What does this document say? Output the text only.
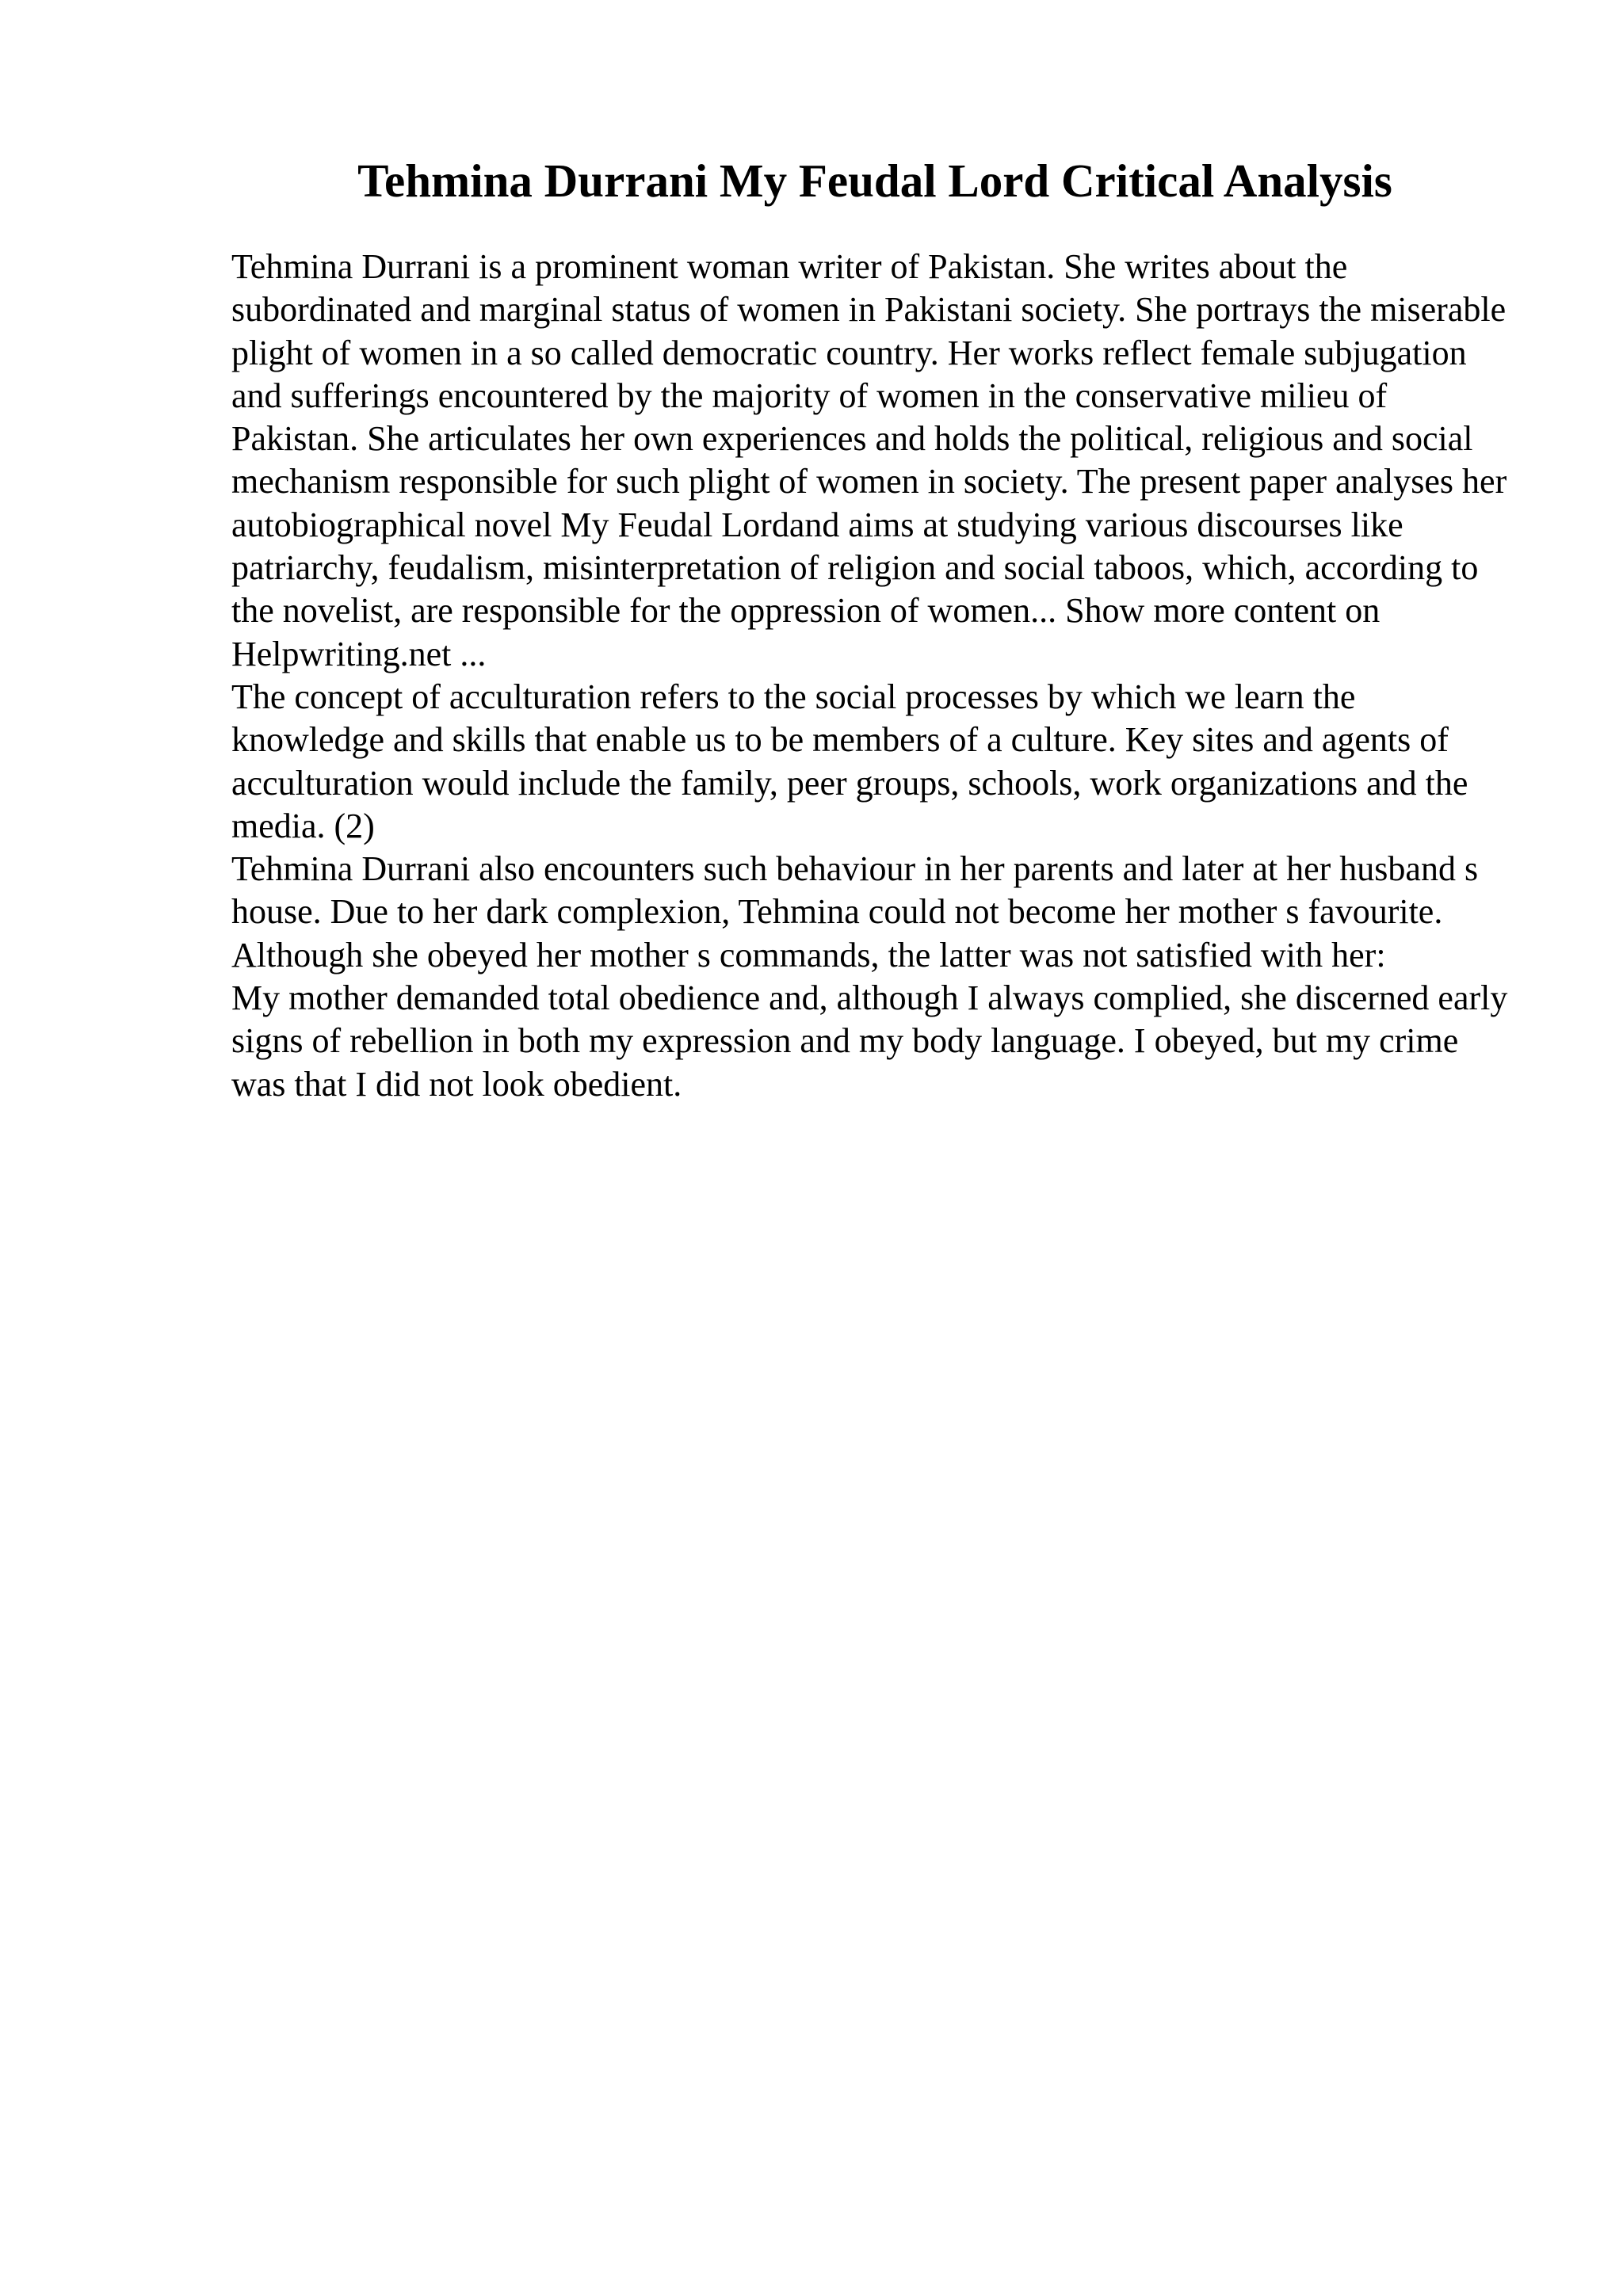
Tehmina Durrani My Feudal Lord Critical Analysis

Tehmina Durrani is a prominent woman writer of Pakistan. She writes about the subordinated and marginal status of women in Pakistani society. She portrays the miserable plight of women in a so called democratic country. Her works reflect female subjugation and sufferings encountered by the majority of women in the conservative milieu of Pakistan. She articulates her own experiences and holds the political, religious and social mechanism responsible for such plight of women in society. The present paper analyses her autobiographical novel My Feudal Lordand aims at studying various discourses like patriarchy, feudalism, misinterpretation of religion and social taboos, which, according to the novelist, are responsible for the oppression of women... Show more content on Helpwriting.net ...

The concept of acculturation refers to the social processes by which we learn the knowledge and skills that enable us to be members of a culture. Key sites and agents of acculturation would include the family, peer groups, schools, work organizations and the media. (2)

Tehmina Durrani also encounters such behaviour in her parents and later at her husband s house. Due to her dark complexion, Tehmina could not become her mother s favourite. Although she obeyed her mother s commands, the latter was not satisfied with her:

My mother demanded total obedience and, although I always complied, she discerned early signs of rebellion in both my expression and my body language. I obeyed, but my crime was that I did not look obedient.
